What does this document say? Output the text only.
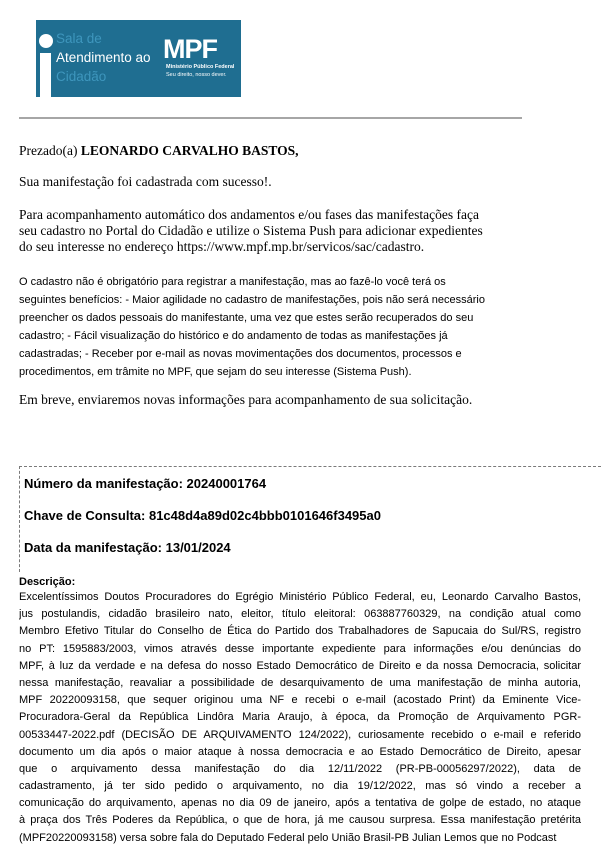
Sala de
Atendimento ao
Cidadão
MPF
Ministério Público Federal
Seu direito, nosso dever.
Prezado(a) LEONARDO CARVALHO BASTOS,
Sua manifestação foi cadastrada com sucesso!.
Para acompanhamento automático dos andamentos e/ou fases das manifestações faça
seu cadastro no Portal do Cidadão e utilize o Sistema Push para adicionar expedientes
do seu interesse no endereço https://www.mpf.mp.br/servicos/sac/cadastro.
O cadastro não é obrigatório para registrar a manifestação, mas ao fazê-lo você terá os
seguintes benefícios: - Maior agilidade no cadastro de manifestações, pois não será necessário
preencher os dados pessoais do manifestante, uma vez que estes serão recuperados do seu
cadastro; - Fácil visualização do histórico e do andamento de todas as manifestações já
cadastradas; - Receber por e-mail as novas movimentações dos documentos, processos e
procedimentos, em trâmite no MPF, que sejam do seu interesse (Sistema Push).
Em breve, enviaremos novas informações para acompanhamento de sua solicitação.
Número da manifestação: 20240001764
Chave de Consulta: 81c48d4a89d02c4bbb0101646f3495a0
Data da manifestação: 13/01/2024
Descrição:
Excelentíssimos Doutos Procuradores do Egrégio Ministério Público Federal, eu, Leonardo Carvalho Bastos,
jus postulandis, cidadão brasileiro nato, eleitor, título eleitoral: 063887760329, na condição atual como
Membro Efetivo Titular do Conselho de Ética do Partido dos Trabalhadores de Sapucaia do Sul/RS, registro
no PT: 1595883/2003, vimos através desse importante expediente para informações e/ou denúncias do
MPF, à luz da verdade e na defesa do nosso Estado Democrático de Direito e da nossa Democracia, solicitar
nessa manifestação, reavaliar a possibilidade de desarquivamento de uma manifestação de minha autoria,
MPF 20220093158, que sequer originou uma NF e recebi o e-mail (acostado Print) da Eminente Vice-
Procuradora-Geral da República Lindôra Maria Araujo, à época, da Promoção de Arquivamento PGR-
00533447-2022.pdf (DECISÃO DE ARQUIVAMENTO 124/2022), curiosamente recebido o e-mail e referido
documento um dia após o maior ataque à nossa democracia e ao Estado Democrático de Direito, apesar
que o arquivamento dessa manifestação do dia 12/11/2022 (PR-PB-00056297/2022), data de
cadastramento, já ter sido pedido o arquivamento, no dia 19/12/2022, mas só vindo a receber a
comunicação do arquivamento, apenas no dia 09 de janeiro, após a tentativa de golpe de estado, no ataque
à praça dos Três Poderes da República, o que de hora, já me causou surpresa. Essa manifestação pretérita
(MPF20220093158) versa sobre fala do Deputado Federal pelo União Brasil-PB Julian Lemos que no Podcast
